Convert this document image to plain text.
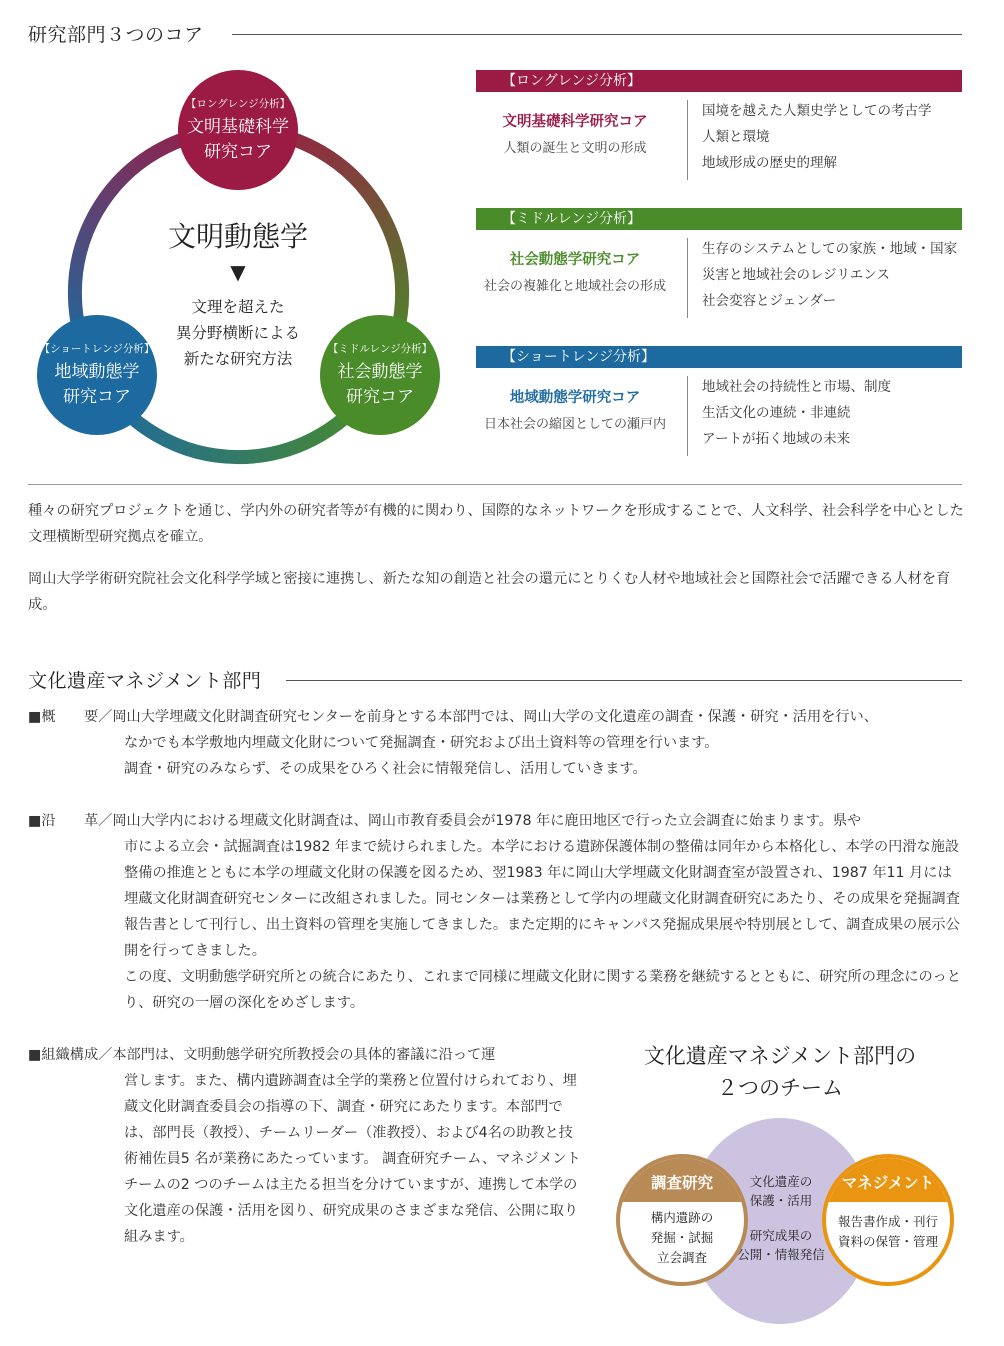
研究部門３つのコア
文明動態学
▼
文理を超えた
異分野横断による
新たな研究方法
【ロングレンジ分析】
文明基礎科学
研究コア
【ショートレンジ分析】
地域動態学
研究コア
【ミドルレンジ分析】
社会動態学
研究コア
【ロングレンジ分析】
文明基礎科学研究コア
人類の誕生と文明の形成
国境を越えた人類史学としての考古学
人類と環境
地域形成の歴史的理解
【ミドルレンジ分析】
社会動態学研究コア
社会の複雑化と地域社会の形成
生存のシステムとしての家族・地域・国家
災害と地域社会のレジリエンス
社会変容とジェンダー
【ショートレンジ分析】
地域動態学研究コア
日本社会の縮図としての瀬戸内
地域社会の持続性と市場、制度
生活文化の連続・非連続
アートが拓く地域の未来
種々の研究プロジェクトを通じ、学内外の研究者等が有機的に関わり、国際的なネットワークを形成することで、人文科学、社会科学を中心とした文理横断型研究拠点を確立。
岡山大学学術研究院社会文化科学学域と密接に連携し、新たな知の創造と社会の還元にとりくむ人材や地域社会と国際社会で活躍できる人材を育成。
文化遺産マネジメント部門
■概　　要／岡山大学埋蔵文化財調査研究センターを前身とする本部門では、岡山大学の文化遺産の調査・保護・研究・活用を行い、
なかでも本学敷地内埋蔵文化財について発掘調査・研究および出土資料等の管理を行います。
調査・研究のみならず、その成果をひろく社会に情報発信し、活用していきます。
■沿　　革／岡山大学内における埋蔵文化財調査は、岡山市教育委員会が1978 年に鹿田地区で行った立会調査に始まります。県や
市による立会・試掘調査は1982 年まで続けられました。本学における遺跡保護体制の整備は同年から本格化し、本学の円滑な施設整備の推進とともに本学の埋蔵文化財の保護を図るため、翌1983 年に岡山大学埋蔵文化財調査室が設置され、1987 年11 月には埋蔵文化財調査研究センターに改組されました。同センターは業務として学内の埋蔵文化財調査研究にあたり、その成果を発掘調査報告書として刊行し、出土資料の管理を実施してきました。また定期的にキャンパス発掘成果展や特別展として、調査成果の展示公開を行ってきました。
この度、文明動態学研究所との統合にあたり、これまで同様に埋蔵文化財に関する業務を継続するとともに、研究所の理念にのっとり、研究の一層の深化をめざします。
■組織構成／本部門は、文明動態学研究所教授会の具体的審議に沿って運
営します。また、構内遺跡調査は全学的業務と位置付けられており、埋蔵文化財調査委員会の指導の下、調査・研究にあたります。本部門では、部門長（教授）、チームリーダー（准教授）、および4名の助教と技術補佐員5 名が業務にあたっています。 調査研究チーム、マネジメントチームの2 つのチームは主たる担当を分けていますが、連携して本学の文化遺産の保護・活用を図り、研究成果のさまざまな発信、公開に取り組みます。
文化遺産マネジメント部門の
２つのチーム
調査研究
構内遺跡の
発掘・試掘
立会調査
マネジメント
報告書作成・刊行
資料の保管・管理
文化遺産の
保護・活用
研究成果の
公開・情報発信
